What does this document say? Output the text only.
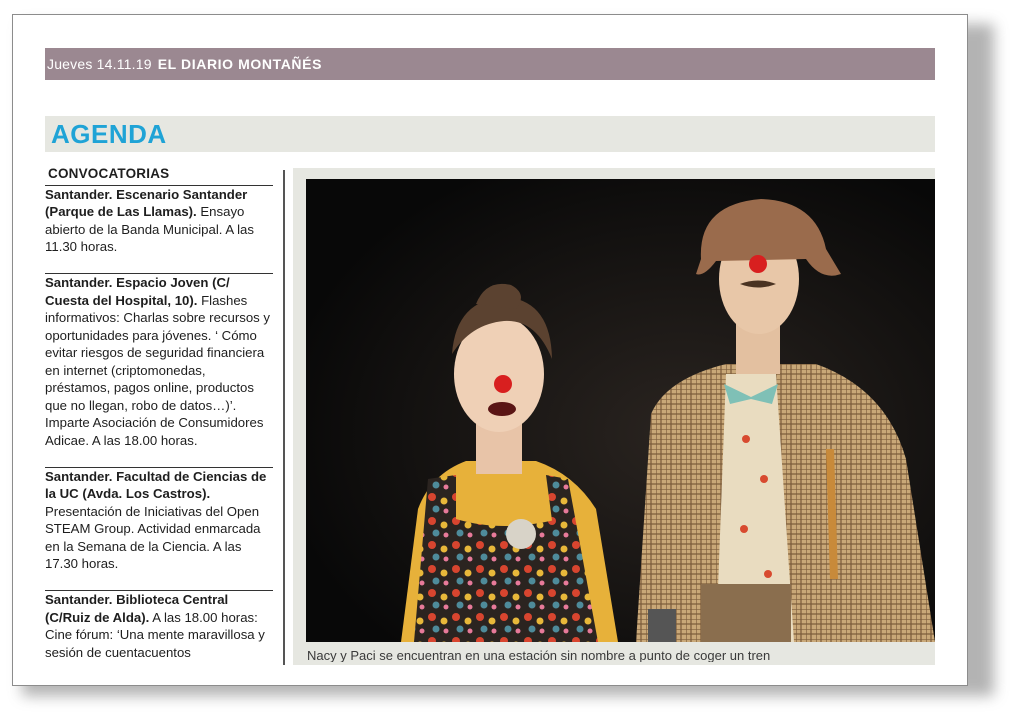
Jueves 14.11.19 EL DIARIO MONTAÑÉS
AGENDA
CONVOCATORIAS

Santander. Escenario Santander (Parque de Las Llamas). Ensayo abierto de la Banda Municipal. A las 11.30 horas.

Santander. Espacio Joven (C/ Cuesta del Hospital, 10). Flashes informativos: Charlas sobre recursos y oportunidades para jóvenes. ‘ Cómo evitar riesgos de seguridad financiera en internet (criptomonedas, préstamos, pagos online, productos que no llegan, robo de datos…)’. Imparte Asociación de Consumidores Adicae. A las 18.00 horas.

Santander. Facultad de Ciencias de la UC (Avda. Los Castros). Presentación de Iniciativas del Open STEAM Group. Actividad enmarcada en la Semana de la Ciencia. A las 17.30 horas.

Santander. Biblioteca Central (C/Ruiz de Alda). A las 18.00 horas: Cine fórum: ‘Una mente maravillosa y sesión de cuentacuentos	Nacy y Paci se encuentran en una estación sin nombre a punto de coger un tren
